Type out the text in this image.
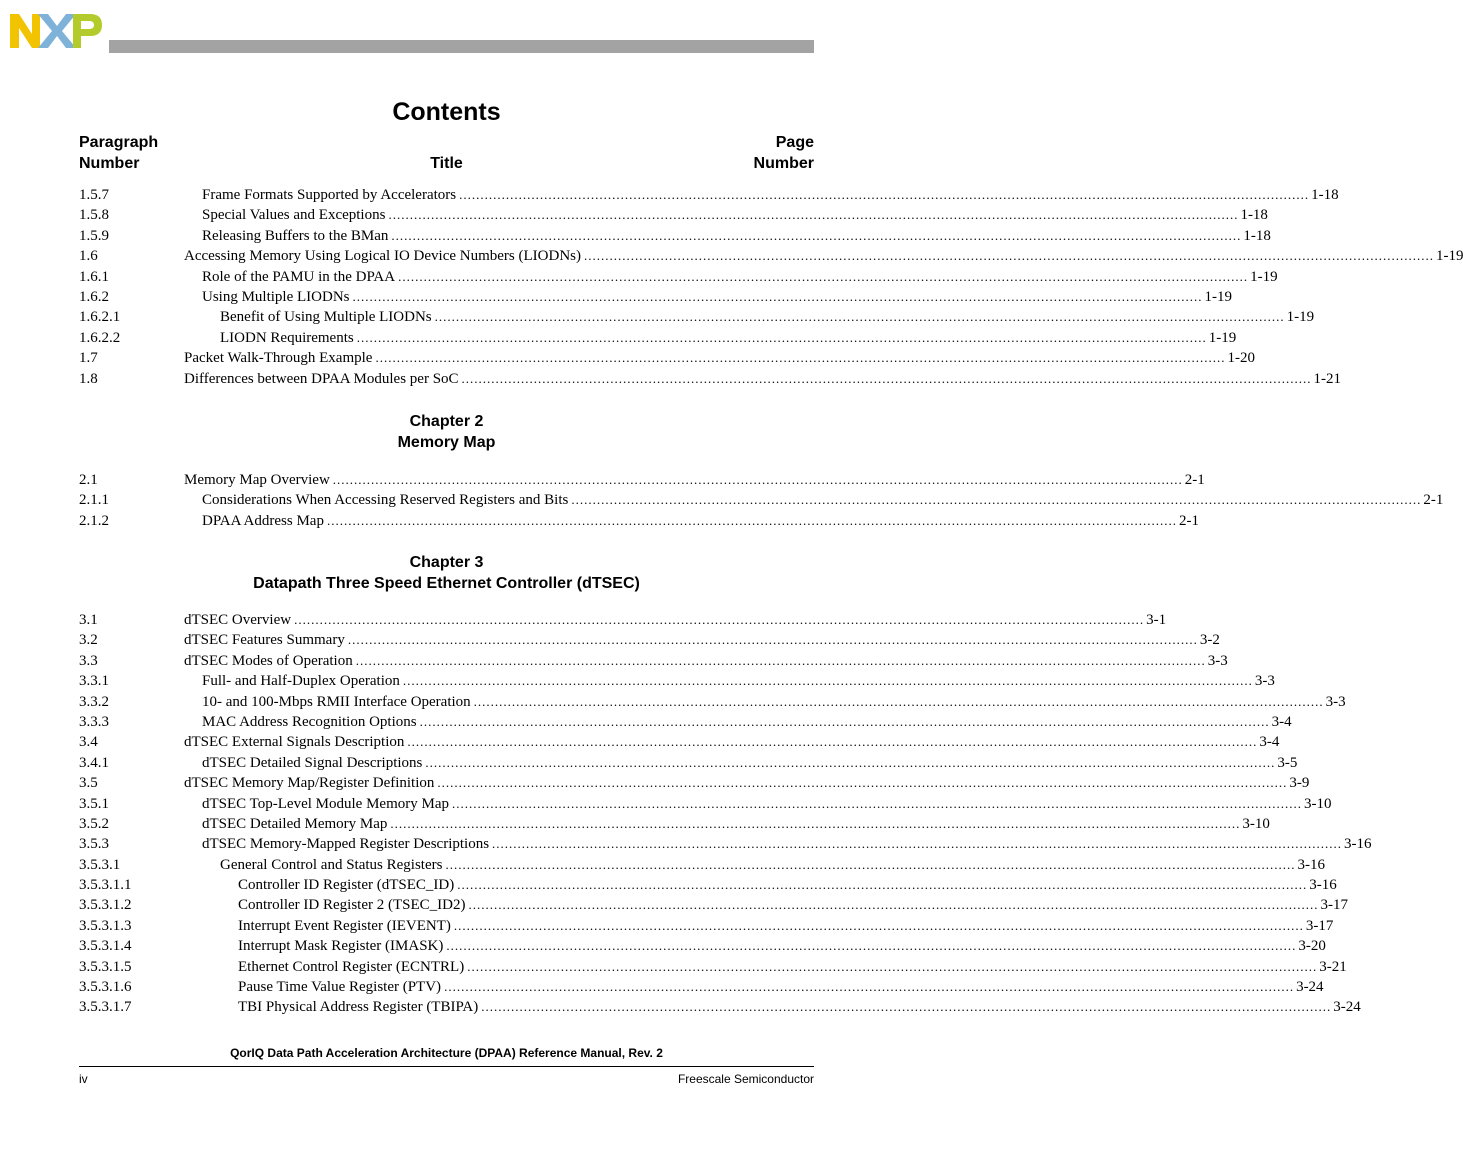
Contents
Paragraph
Number	Title
Page
Number
1.5.7	Frame Formats Supported by Accelerators ........................................................................................................................................................................................................ 1-18
1.5.8	Special Values and Exceptions ........................................................................................................................................................................................................ 1-18
1.5.9	Releasing Buffers to the BMan ........................................................................................................................................................................................................ 1-18
1.6	Accessing Memory Using Logical IO Device Numbers (LIODNs) ........................................................................................................................................................................................................ 1-19
1.6.1	Role of the PAMU in the DPAA ........................................................................................................................................................................................................ 1-19
1.6.2	Using Multiple LIODNs ........................................................................................................................................................................................................ 1-19
1.6.2.1	Benefit of Using Multiple LIODNs ........................................................................................................................................................................................................ 1-19
1.6.2.2	LIODN Requirements ........................................................................................................................................................................................................ 1-19
1.7	Packet Walk-Through Example ........................................................................................................................................................................................................ 1-20
1.8	Differences between DPAA Modules per SoC ........................................................................................................................................................................................................ 1-21
Chapter 2
Memory Map
2.1	Memory Map Overview ........................................................................................................................................................................................................ 2-1
2.1.1	Considerations When Accessing Reserved Registers and Bits ........................................................................................................................................................................................................ 2-1
2.1.2	DPAA Address Map ........................................................................................................................................................................................................ 2-1
Chapter 3
Datapath Three Speed Ethernet Controller (dTSEC)
3.1	dTSEC Overview ........................................................................................................................................................................................................ 3-1
3.2	dTSEC Features Summary ........................................................................................................................................................................................................ 3-2
3.3	dTSEC Modes of Operation ........................................................................................................................................................................................................ 3-3
3.3.1	Full- and Half-Duplex Operation ........................................................................................................................................................................................................ 3-3
3.3.2	10- and 100-Mbps RMII Interface Operation ........................................................................................................................................................................................................ 3-3
3.3.3	MAC Address Recognition Options ........................................................................................................................................................................................................ 3-4
3.4	dTSEC External Signals Description ........................................................................................................................................................................................................ 3-4
3.4.1	dTSEC Detailed Signal Descriptions ........................................................................................................................................................................................................ 3-5
3.5	dTSEC Memory Map/Register Definition ........................................................................................................................................................................................................ 3-9
3.5.1	dTSEC Top-Level Module Memory Map ........................................................................................................................................................................................................ 3-10
3.5.2	dTSEC Detailed Memory Map ........................................................................................................................................................................................................ 3-10
3.5.3	dTSEC Memory-Mapped Register Descriptions ........................................................................................................................................................................................................ 3-16
3.5.3.1	General Control and Status Registers ........................................................................................................................................................................................................ 3-16
3.5.3.1.1	Controller ID Register (dTSEC_ID) ........................................................................................................................................................................................................ 3-16
3.5.3.1.2	Controller ID Register 2 (TSEC_ID2) ........................................................................................................................................................................................................ 3-17
3.5.3.1.3	Interrupt Event Register (IEVENT) ........................................................................................................................................................................................................ 3-17
3.5.3.1.4	Interrupt Mask Register (IMASK) ........................................................................................................................................................................................................ 3-20
3.5.3.1.5	Ethernet Control Register (ECNTRL) ........................................................................................................................................................................................................ 3-21
3.5.3.1.6	Pause Time Value Register (PTV) ........................................................................................................................................................................................................ 3-24
3.5.3.1.7	TBI Physical Address Register (TBIPA) ........................................................................................................................................................................................................ 3-24
QorIQ Data Path Acceleration Architecture (DPAA) Reference Manual, Rev. 2
iv	Freescale Semiconductor
